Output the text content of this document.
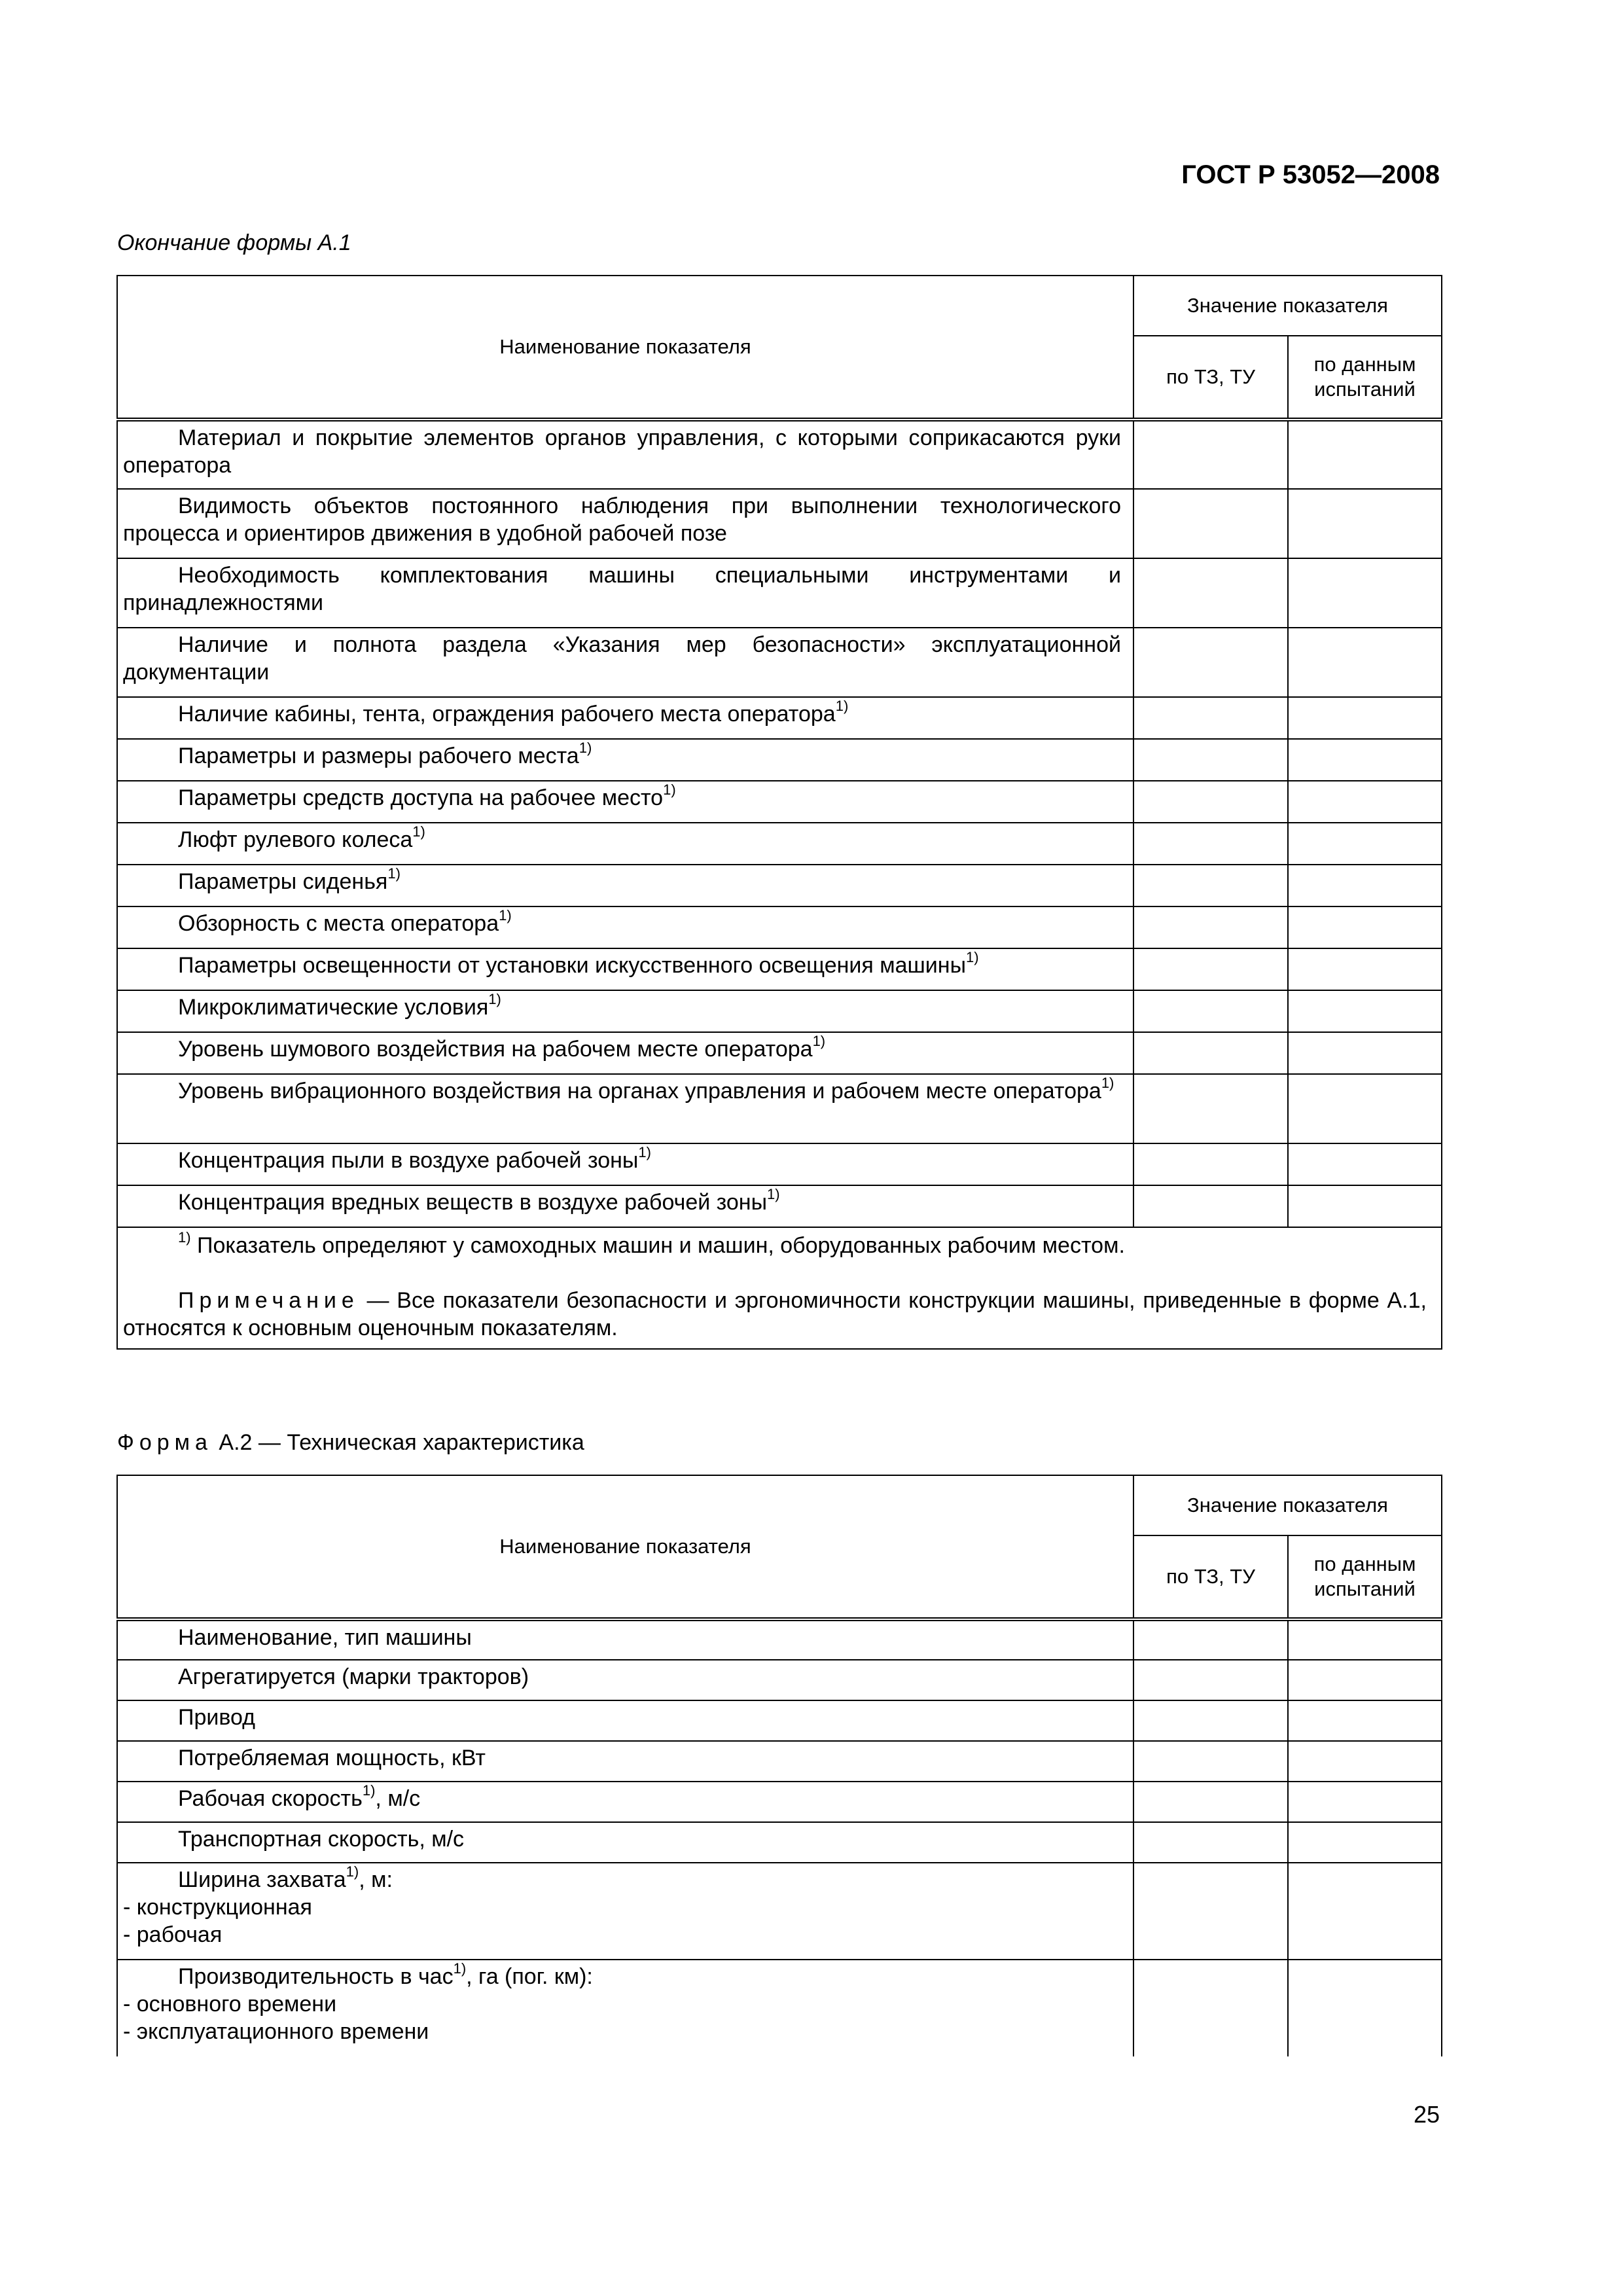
ГОСТ Р 53052—2008
Окончание формы А.1
Наименование показателя	Значение показателя	
	по ТЗ, ТУ	по данным испытаний
Материал и покрытие элементов органов управления, с которыми соприкасаются руки оператора		
Видимость объектов постоянного наблюдения при выполнении технологического процесса и ориентиров движения в удобной рабочей позе		
Необходимость комплектования машины специальными инструментами и принадлежностями		
Наличие и полнота раздела «Указания мер безопасности» эксплуатационной документации		
Наличие кабины, тента, ограждения рабочего места оператора$^{1)}$		
Параметры и размеры рабочего места$^{1)}$		
Параметры средств доступа на рабочее место$^{1)}$		
Люфт рулевого колеса$^{1)}$		
Параметры сиденья$^{1)}$		
Обзорность с места оператора$^{1)}$		
Параметры освещенности от установки искусственного освещения машины$^{1)}$		
Микроклиматические условия$^{1)}$		
Уровень шумового воздействия на рабочем месте оператора$^{1)}$		
Уровень вибрационного воздействия на органах управления и рабочем месте оператора$^{1)}$		
Концентрация пыли в воздухе рабочей зоны$^{1)}$		
Концентрация вредных веществ в воздухе рабочей зоны$^{1)}$		

$^{1)}$ Показатель определяют у самоходных машин и машин, оборудованных рабочим местом.

Примечание — Все показатели безопасности и эргономичности конструкции машины, приведенные в форме А.1, относятся к основным оценочным показателям.		

Форма А.2 — Техническая характеристика
Наименование показателя	Значение показателя	
	по ТЗ, ТУ	по данным испытаний
Наименование, тип машины		
Агрегатируется (марки тракторов)		
Привод		
Потребляемая мощность, кВт		
Рабочая скорость$^{1)}$, м/с		
Транспортная скорость, м/с		
Ширина захвата$^{1)}$, м:
- конструкционная
- рабочая		
Производительность в час$^{1)}$, га (пог. км):
- основного времени
- эксплуатационного времени		
25
